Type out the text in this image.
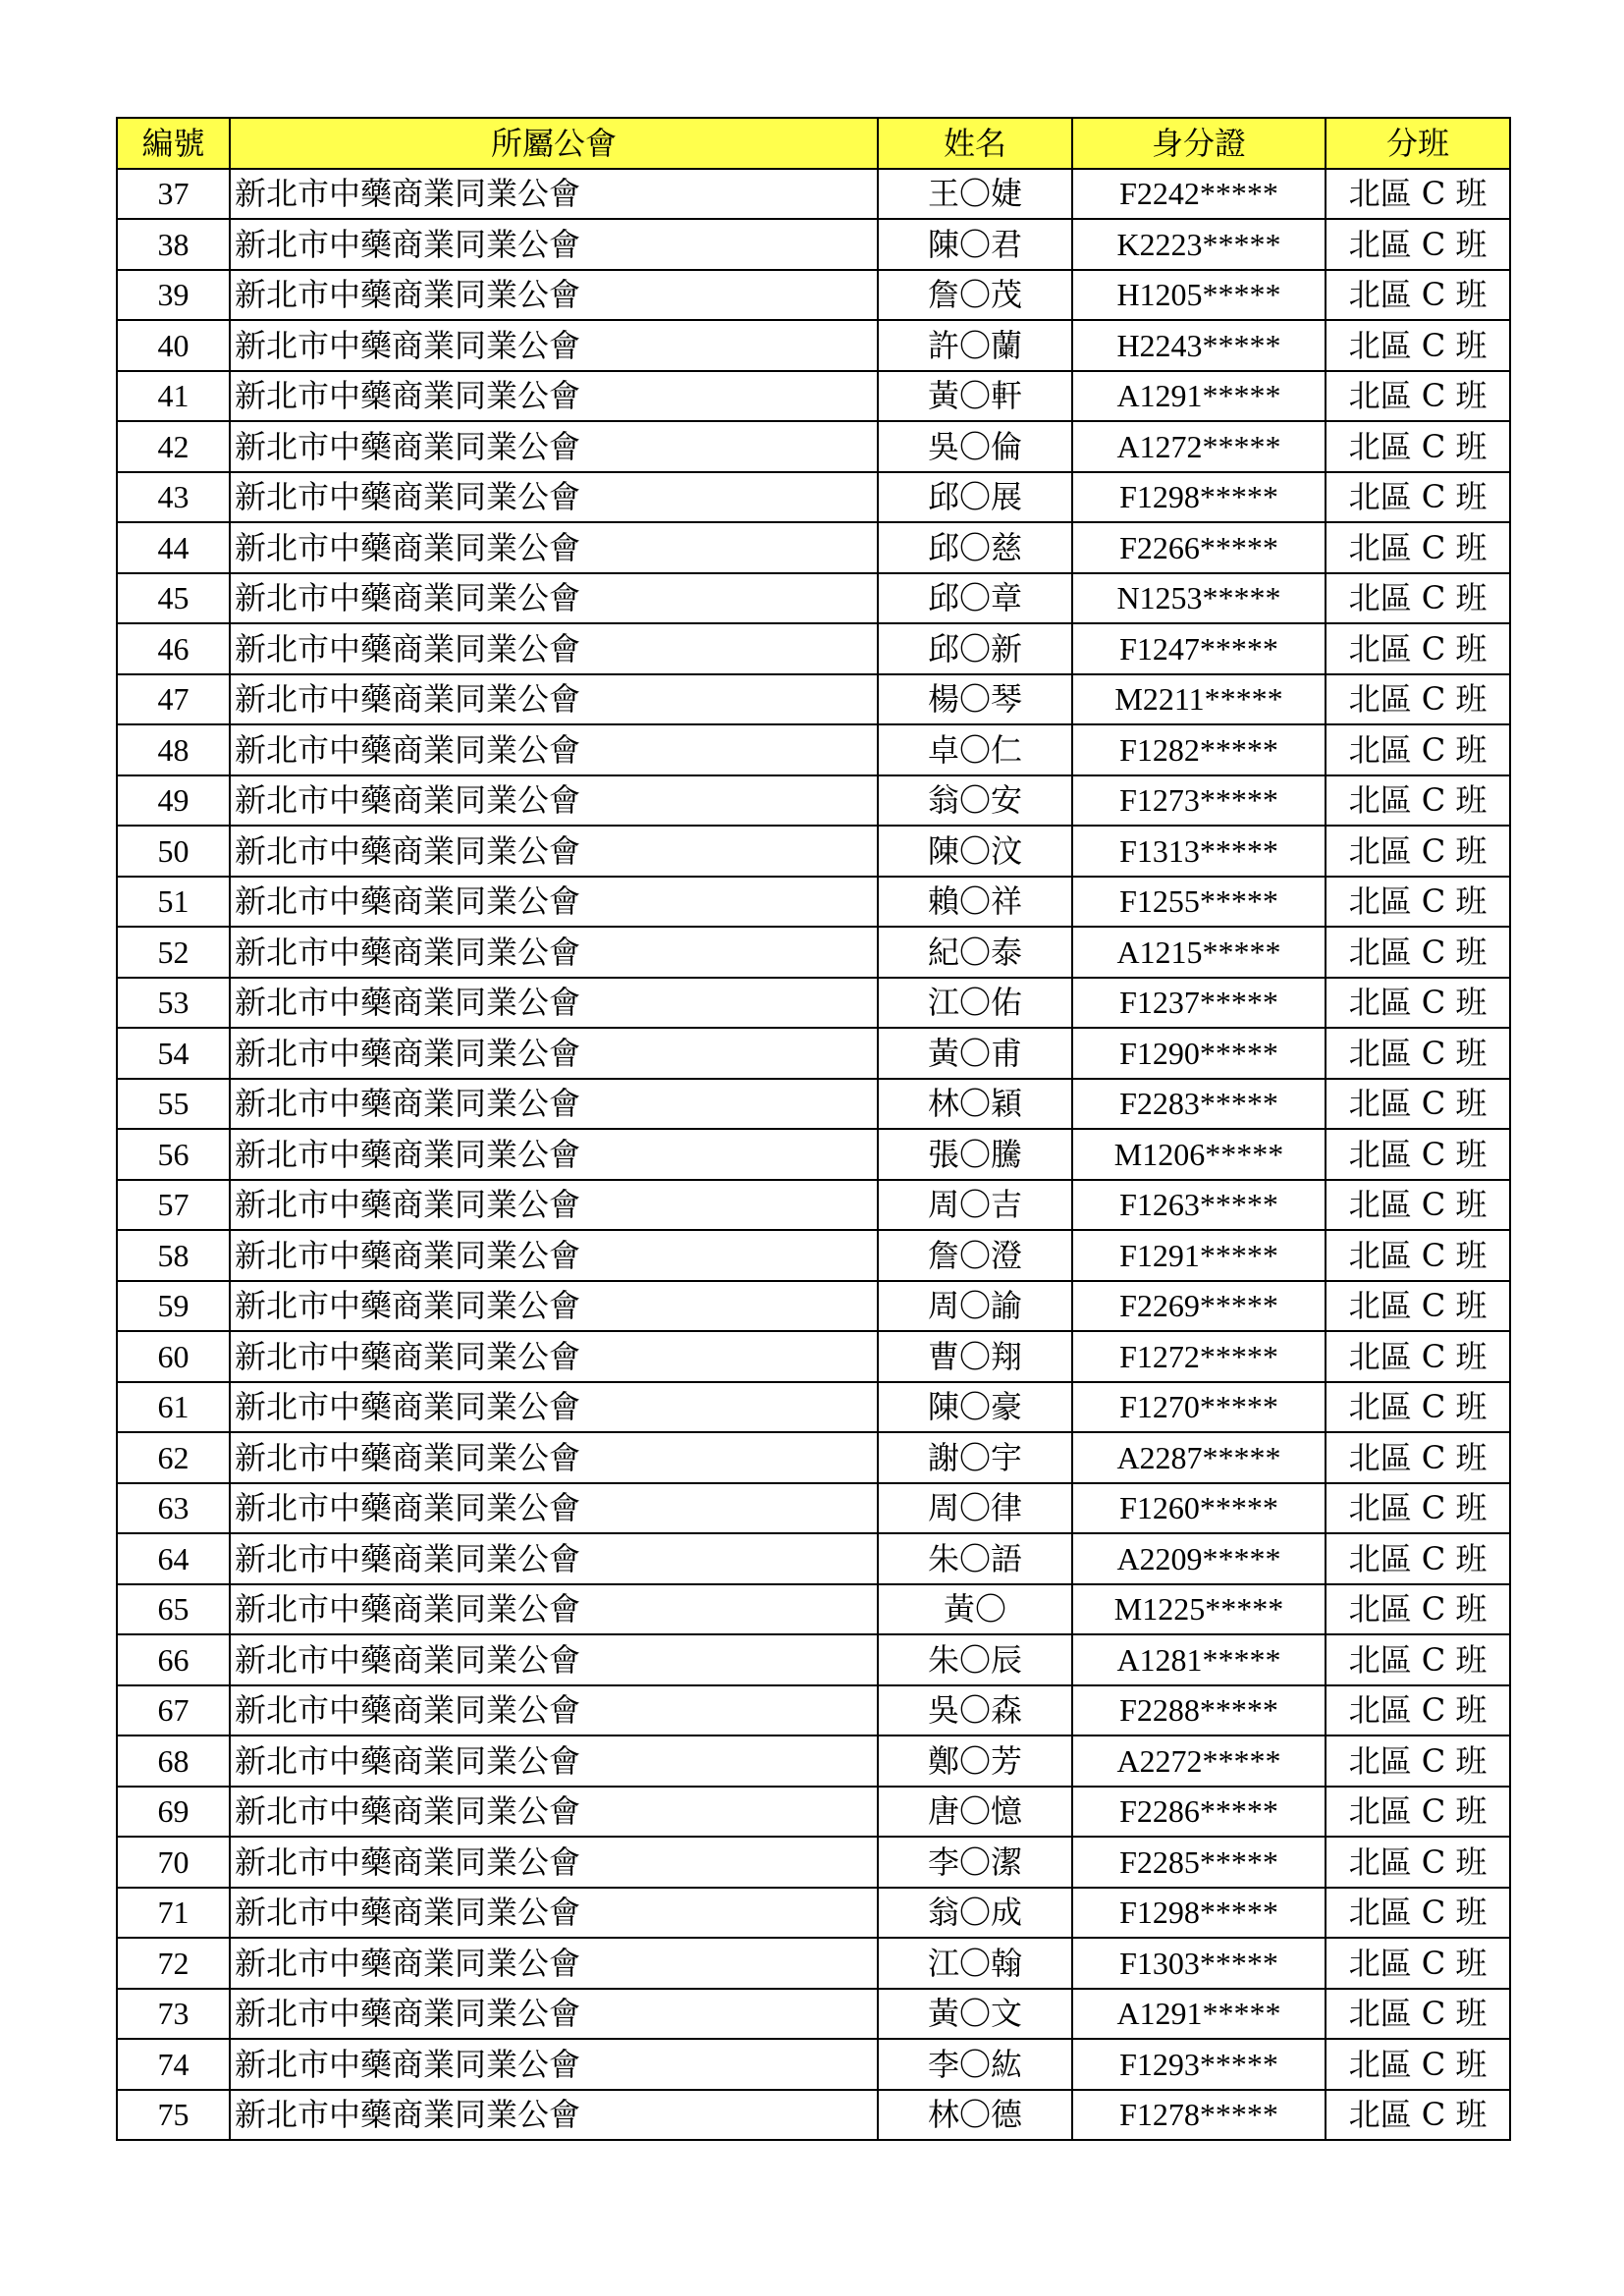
編號	所屬公會	姓名	身分證	分班
37	新北市中藥商業同業公會	王〇婕	F2242*****	北區 C 班
38	新北市中藥商業同業公會	陳〇君	K2223*****	北區 C 班
39	新北市中藥商業同業公會	詹〇茂	H1205*****	北區 C 班
40	新北市中藥商業同業公會	許〇蘭	H2243*****	北區 C 班
41	新北市中藥商業同業公會	黃〇軒	A1291*****	北區 C 班
42	新北市中藥商業同業公會	吳〇倫	A1272*****	北區 C 班
43	新北市中藥商業同業公會	邱〇展	F1298*****	北區 C 班
44	新北市中藥商業同業公會	邱〇慈	F2266*****	北區 C 班
45	新北市中藥商業同業公會	邱〇章	N1253*****	北區 C 班
46	新北市中藥商業同業公會	邱〇新	F1247*****	北區 C 班
47	新北市中藥商業同業公會	楊〇琴	M2211*****	北區 C 班
48	新北市中藥商業同業公會	卓〇仁	F1282*****	北區 C 班
49	新北市中藥商業同業公會	翁〇安	F1273*****	北區 C 班
50	新北市中藥商業同業公會	陳〇汶	F1313*****	北區 C 班
51	新北市中藥商業同業公會	賴〇祥	F1255*****	北區 C 班
52	新北市中藥商業同業公會	紀〇泰	A1215*****	北區 C 班
53	新北市中藥商業同業公會	江〇佑	F1237*****	北區 C 班
54	新北市中藥商業同業公會	黃〇甫	F1290*****	北區 C 班
55	新北市中藥商業同業公會	林〇穎	F2283*****	北區 C 班
56	新北市中藥商業同業公會	張〇騰	M1206*****	北區 C 班
57	新北市中藥商業同業公會	周〇吉	F1263*****	北區 C 班
58	新北市中藥商業同業公會	詹〇澄	F1291*****	北區 C 班
59	新北市中藥商業同業公會	周〇諭	F2269*****	北區 C 班
60	新北市中藥商業同業公會	曹〇翔	F1272*****	北區 C 班
61	新北市中藥商業同業公會	陳〇豪	F1270*****	北區 C 班
62	新北市中藥商業同業公會	謝〇宇	A2287*****	北區 C 班
63	新北市中藥商業同業公會	周〇律	F1260*****	北區 C 班
64	新北市中藥商業同業公會	朱〇語	A2209*****	北區 C 班
65	新北市中藥商業同業公會	黃〇	M1225*****	北區 C 班
66	新北市中藥商業同業公會	朱〇辰	A1281*****	北區 C 班
67	新北市中藥商業同業公會	吳〇森	F2288*****	北區 C 班
68	新北市中藥商業同業公會	鄭〇芳	A2272*****	北區 C 班
69	新北市中藥商業同業公會	唐〇憶	F2286*****	北區 C 班
70	新北市中藥商業同業公會	李〇潔	F2285*****	北區 C 班
71	新北市中藥商業同業公會	翁〇成	F1298*****	北區 C 班
72	新北市中藥商業同業公會	江〇翰	F1303*****	北區 C 班
73	新北市中藥商業同業公會	黃〇文	A1291*****	北區 C 班
74	新北市中藥商業同業公會	李〇紘	F1293*****	北區 C 班
75	新北市中藥商業同業公會	林〇德	F1278*****	北區 C 班
